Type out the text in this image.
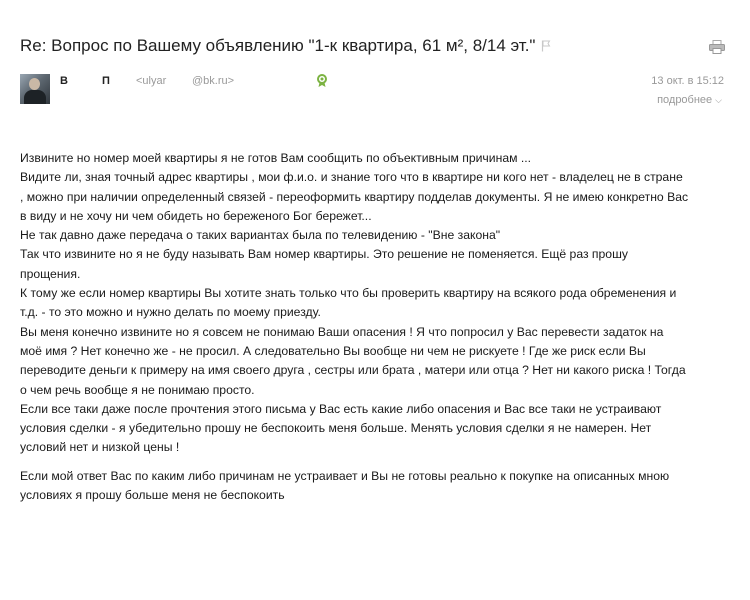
Re: Вопрос по Вашему объявлению "1-к квартира, 61 м², 8/14 эт."
В	П <ulyar @bk.ru>	13 окт. в 15:12
подробнее ⌵

Извините но номер моей квартиры я не готов Вам сообщить по объективным причинам ...

Видите ли, зная точный адрес квартиры , мои ф.и.о. и знание того что в квартире ни кого нет - владелец не в стране

, можно при наличии определенный связей - переоформить квартиру подделав документы. Я не имею конкретно Вас

в виду и не хочу ни чем обидеть но береженого Бог бережет...

Не так давно даже передача о таких вариантах была по телевидению - "Вне закона"

Так что извините но я не буду называть Вам номер квартиры. Это решение не поменяется. Ещё раз прошу

прощения.

К тому же если номер квартиры Вы хотите знать только что бы проверить квартиру на всякого рода обременения и

т.д. - то это можно и нужно делать по моему приезду.

Вы меня конечно извините но я совсем не понимаю Ваши опасения ! Я что попросил у Вас перевести задаток на

моё имя ? Нет конечно же - не просил. А следовательно Вы вообще ни чем не рискуете ! Где же риск если Вы

переводите деньги к примеру на имя своего друга , сестры или брата , матери или отца ? Нет ни какого риска ! Тогда

о чем речь вообще я не понимаю просто.

Если все таки даже после прочтения этого письма у Вас есть какие либо опасения и Вас все таки не устраивают

условия сделки - я убедительно прошу не беспокоить меня больше. Менять условия сделки я не намерен. Нет

условий нет и низкой цены !

Если мой ответ Вас по каким либо причинам не устраивает и Вы не готовы реально к покупке на описанных мною

условиях я прошу больше меня не беспокоить
